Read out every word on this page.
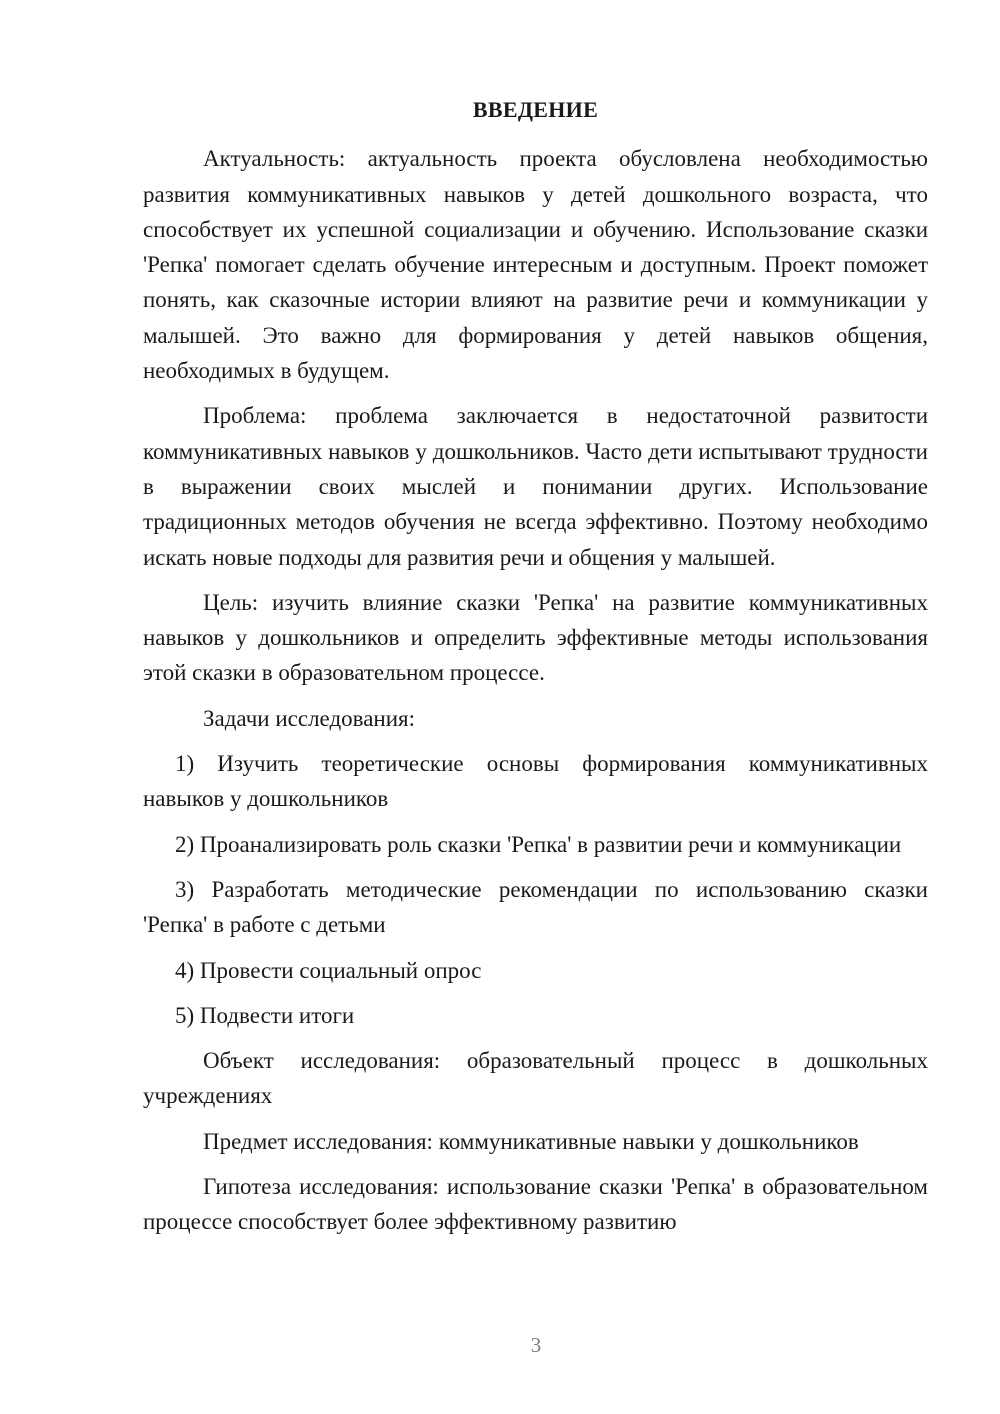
ВВЕДЕНИЕ

Актуальность: актуальность проекта обусловлена необходимостью развития коммуникативных навыков у детей дошкольного возраста, что способствует их успешной социализации и обучению. Использование сказки 'Репка' помогает сделать обучение интересным и доступным. Проект поможет понять, как сказочные истории влияют на развитие речи и коммуникации у малышей. Это важно для формирования у детей навыков общения, необходимых в будущем.

Проблема: проблема заключается в недостаточной развитости коммуникативных навыков у дошкольников. Часто дети испытывают трудности в выражении своих мыслей и понимании других. Использование традиционных методов обучения не всегда эффективно. Поэтому необходимо искать новые подходы для развития речи и общения у малышей.

Цель: изучить влияние сказки 'Репка' на развитие коммуникативных навыков у дошкольников и определить эффективные методы использования этой сказки в образовательном процессе.

Задачи исследования:

1) Изучить теоретические основы формирования коммуникативных навыков у дошкольников

2) Проанализировать роль сказки 'Репка' в развитии речи и коммуникации

3) Разработать методические рекомендации по использованию сказки 'Репка' в работе с детьми

4) Провести социальный опрос

5) Подвести итоги

Объект исследования: образовательный процесс в дошкольных учреждениях

Предмет исследования: коммуникативные навыки у дошкольников

Гипотеза исследования: использование сказки 'Репка' в образовательном процессе способствует более эффективному развитию

3
